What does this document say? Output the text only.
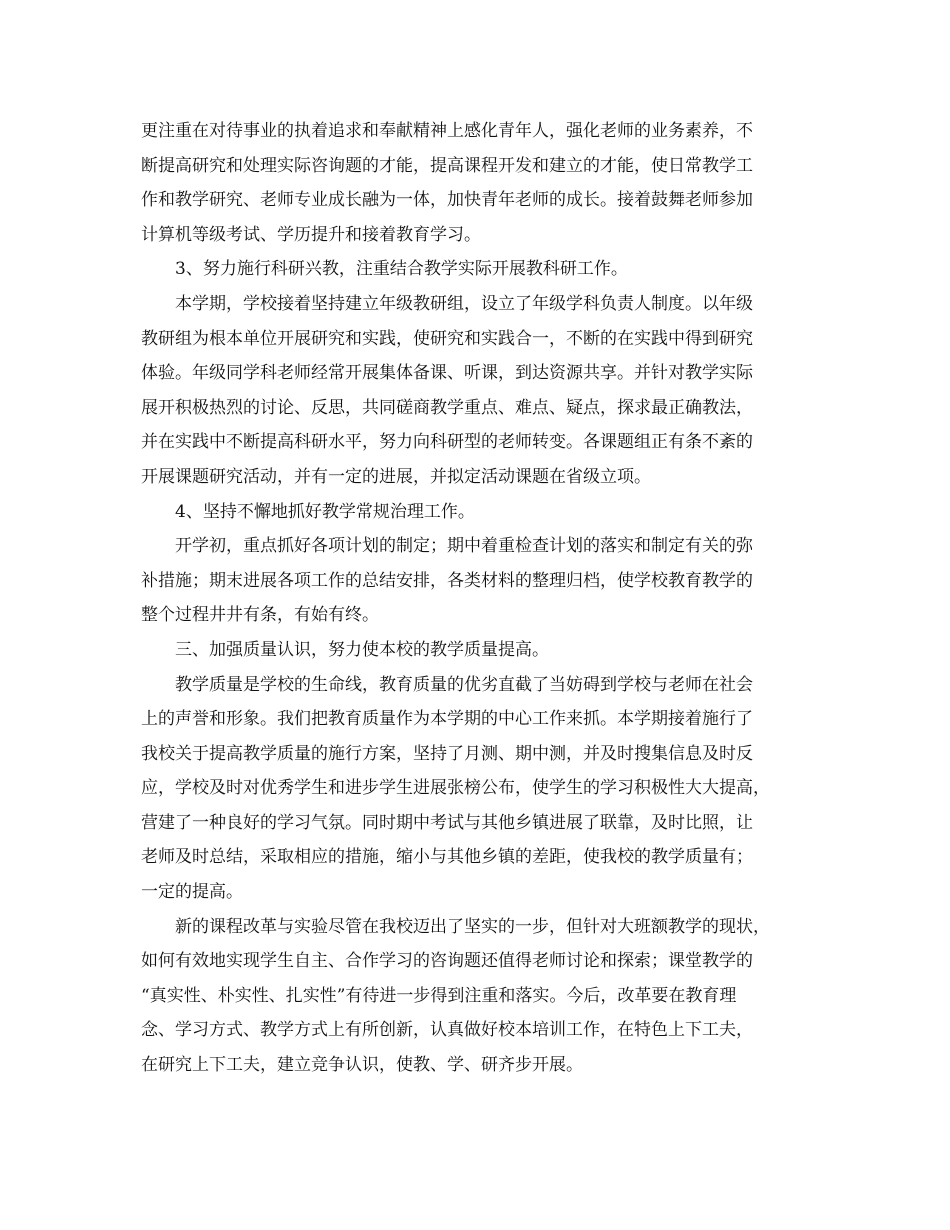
更注重在对待事业的执着追求和奉献精神上感化青年人，强化老师的业务素养，不
断提高研究和处理实际咨询题的才能，提高课程开发和建立的才能，使日常教学工
作和教学研究、老师专业成长融为一体，加快青年老师的成长。接着鼓舞老师参加
计算机等级考试、学历提升和接着教育学习。
3、努力施行科研兴教，注重结合教学实际开展教科研工作。
本学期，学校接着坚持建立年级教研组，设立了年级学科负责人制度。以年级
教研组为根本单位开展研究和实践，使研究和实践合一，不断的在实践中得到研究
体验。年级同学科老师经常开展集体备课、听课，到达资源共享。并针对教学实际
展开积极热烈的讨论、反思，共同磋商教学重点、难点、疑点，探求最正确教法，
并在实践中不断提高科研水平，努力向科研型的老师转变。各课题组正有条不紊的
开展课题研究活动，并有一定的进展，并拟定活动课题在省级立项。
4、坚持不懈地抓好教学常规治理工作。
开学初，重点抓好各项计划的制定；期中着重检查计划的落实和制定有关的弥
补措施；期末进展各项工作的总结安排，各类材料的整理归档，使学校教育教学的
整个过程井井有条，有始有终。
三、加强质量认识，努力使本校的教学质量提高。
教学质量是学校的生命线，教育质量的优劣直截了当妨碍到学校与老师在社会
上的声誉和形象。我们把教育质量作为本学期的中心工作来抓。本学期接着施行了
我校关于提高教学质量的施行方案，坚持了月测、期中测，并及时搜集信息及时反
应，学校及时对优秀学生和进步学生进展张榜公布，使学生的学习积极性大大提高，
营建了一种良好的学习气氛。同时期中考试与其他乡镇进展了联靠，及时比照，让
老师及时总结，采取相应的措施，缩小与其他乡镇的差距，使我校的教学质量有；
一定的提高。
新的课程改革与实验尽管在我校迈出了坚实的一步，但针对大班额教学的现状，
如何有效地实现学生自主、合作学习的咨询题还值得老师讨论和探索；课堂教学的
“真实性、朴实性、扎实性”有待进一步得到注重和落实。今后，改革要在教育理
念、学习方式、教学方式上有所创新，认真做好校本培训工作，在特色上下工夫，
在研究上下工夫，建立竞争认识，使教、学、研齐步开展。
